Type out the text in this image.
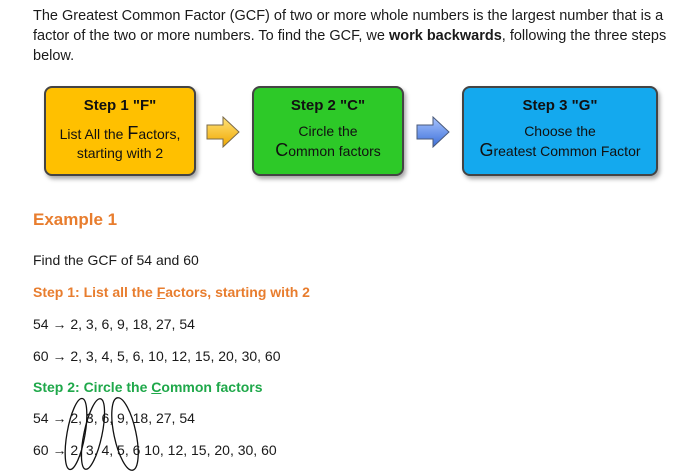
The Greatest Common Factor (GCF) of two or more whole numbers is the largest number that is a factor of the two or more numbers. To find the GCF, we work backwards, following the three steps below.
Step 1 "F"
List All the Factors,
starting with 2
Step 2 "C"
Circle the
Common factors
Step 3 "G"
Choose the
Greatest Common Factor
Example 1
Find the GCF of 54 and 60
Step 1: List all the Factors, starting with 2
54 → 2, 3, 6, 9, 18, 27, 54
60 → 2, 3, 4, 5, 6, 10, 12, 15, 20, 30, 60
Step 2: Circle the Common factors
54 → 2, 3, 6, 9, 18, 27, 54
60 → 2, 3, 4, 5, 6 10, 12, 15, 20, 30, 60
